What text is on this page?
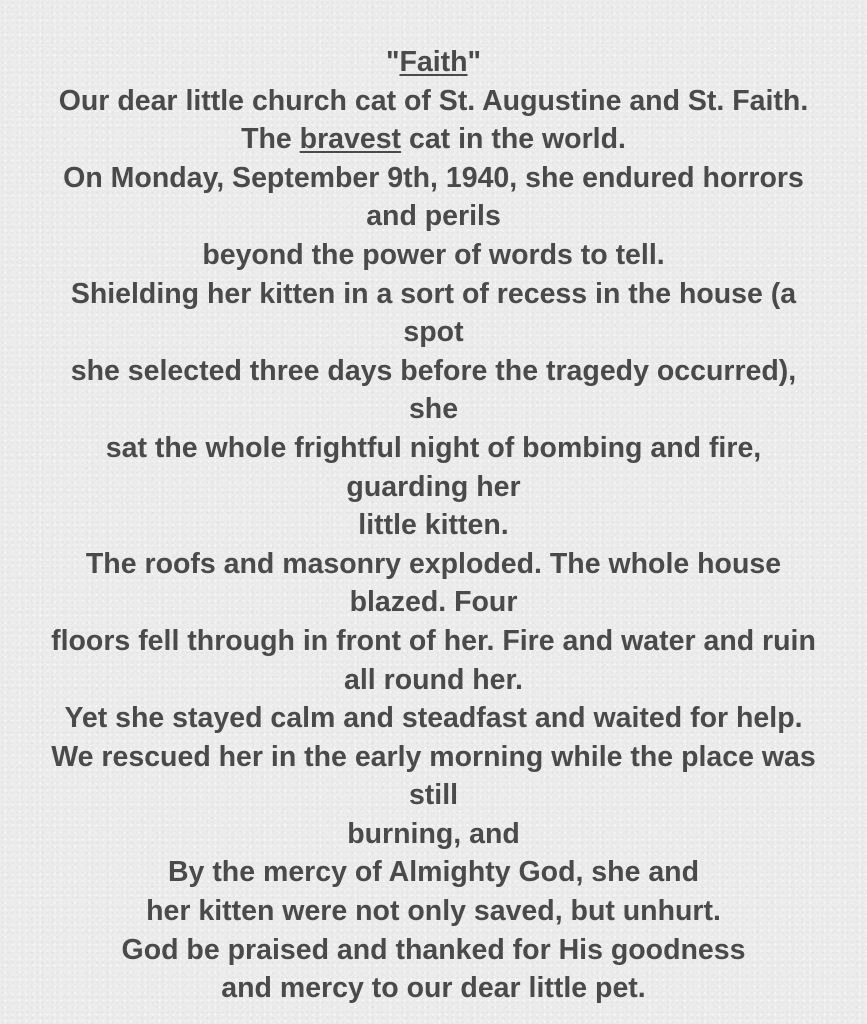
"Faith"
Our dear little church cat of St. Augustine and St. Faith.
The bravest cat in the world.
On Monday, September 9th, 1940, she endured horrors
and perils
beyond the power of words to tell.
Shielding her kitten in a sort of recess in the house (a
spot
she selected three days before the tragedy occurred),
she
sat the whole frightful night of bombing and fire,
guarding her
little kitten.
The roofs and masonry exploded. The whole house
blazed. Four
floors fell through in front of her. Fire and water and ruin
all round her.
Yet she stayed calm and steadfast and waited for help.
We rescued her in the early morning while the place was
still
burning, and
By the mercy of Almighty God, she and
her kitten were not only saved, but unhurt.
God be praised and thanked for His goodness
and mercy to our dear little pet.
